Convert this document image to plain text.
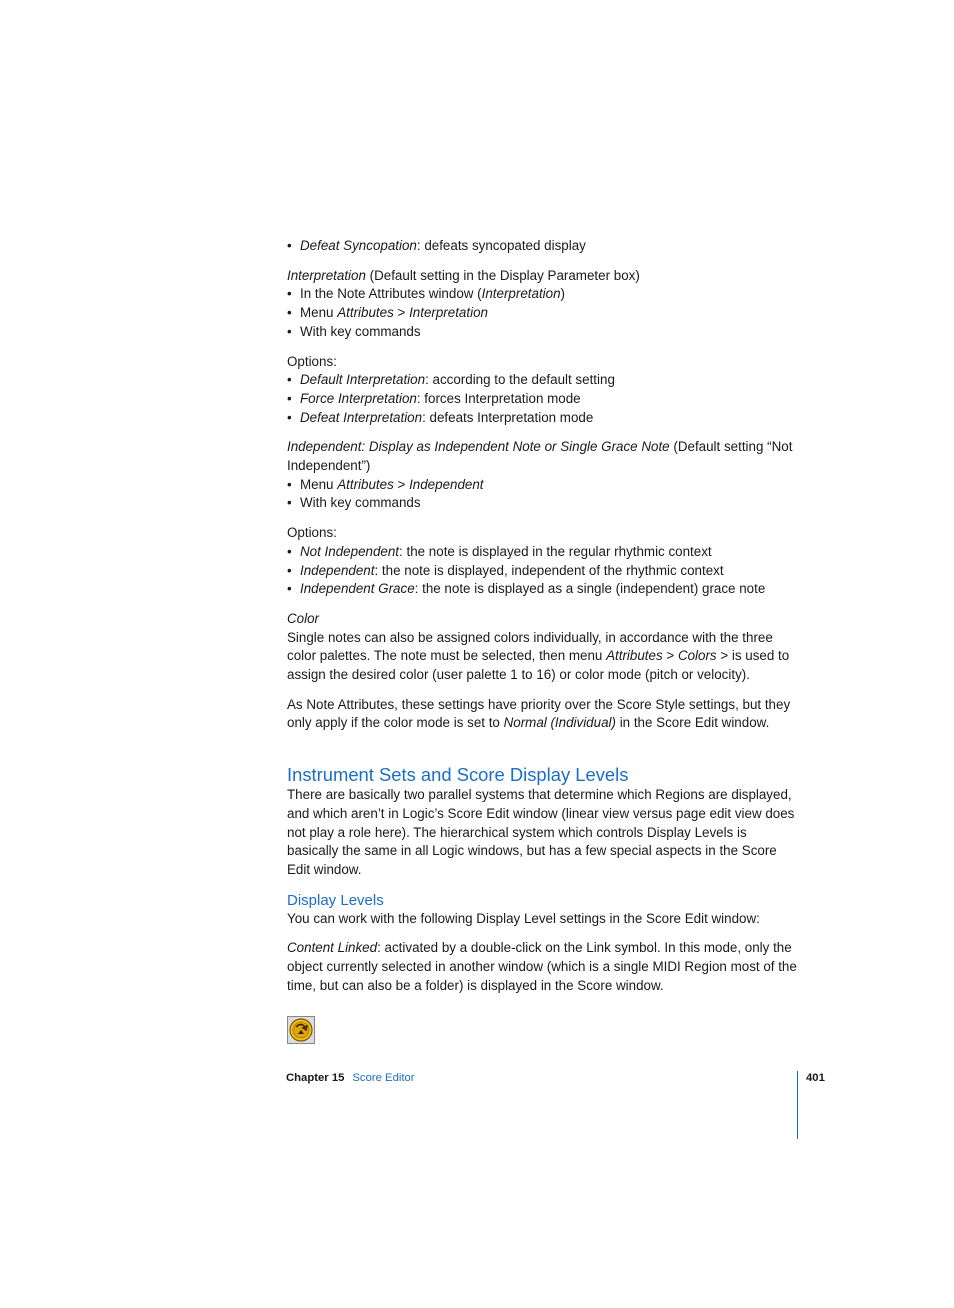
• Defeat Syncopation: defeats syncopated display

Interpretation (Default setting in the Display Parameter box)

• In the Note Attributes window (Interpretation)
• Menu Attributes > Interpretation
• With key commands

Options:

• Default Interpretation: according to the default setting
• Force Interpretation: forces Interpretation mode
• Defeat Interpretation: defeats Interpretation mode

Independent: Display as Independent Note or Single Grace Note (Default setting “Not Independent”)

• Menu Attributes > Independent
• With key commands

Options:

• Not Independent: the note is displayed in the regular rhythmic context
• Independent: the note is displayed, independent of the rhythmic context
• Independent Grace: the note is displayed as a single (independent) grace note

Color

Single notes can also be assigned colors individually, in accordance with the three color palettes. The note must be selected, then menu Attributes > Colors > is used to assign the desired color (user palette 1 to 16) or color mode (pitch or velocity).

As Note Attributes, these settings have priority over the Score Style settings, but they only apply if the color mode is set to Normal (Individual) in the Score Edit window.

Instrument Sets and Score Display Levels

There are basically two parallel systems that determine which Regions are displayed, and which aren’t in Logic’s Score Edit window (linear view versus page edit view does not play a role here). The hierarchical system which controls Display Levels is basically the same in all Logic windows, but has a few special aspects in the Score Edit window.

Display Levels

You can work with the following Display Level settings in the Score Edit window:

Content Linked: activated by a double-click on the Link symbol. In this mode, only the object currently selected in another window (which is a single MIDI Region most of the time, but can also be a folder) is displayed in the Score window.

Chapter 15 Score Editor	401
